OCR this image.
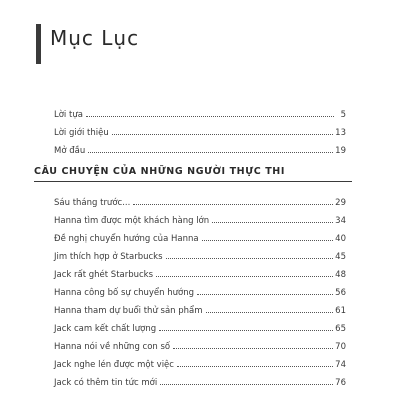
Mục Lục
Lời tựa	5
Lời giới thiệu	13
Mở đầu	19
CÂU CHUYỆN CỦA NHỮNG NGƯỜI THỰC THI
Sáu tháng trước...	29
Hanna tìm được một khách hàng lớn	34
Đề nghị chuyển hướng của Hanna	40
Jim thích hợp ở Starbucks	45
Jack rất ghét Starbucks	48
Hanna công bố sự chuyển hướng	56
Hanna tham dự buổi thử sản phẩm	61
Jack cam kết chất lượng	65
Hanna nói về những con số	70
Jack nghe lén được một việc	74
Jack có thêm tin tức mới	76
